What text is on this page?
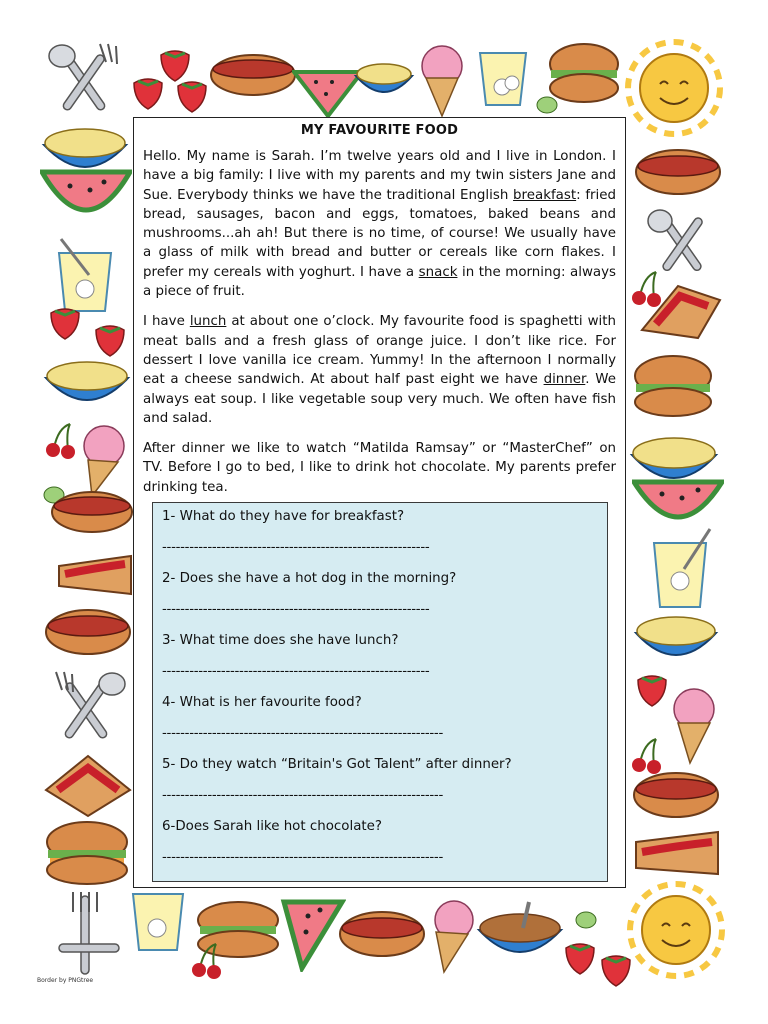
MY FAVOURITE FOOD

Hello. My name is Sarah. I’m twelve years old and I live in London. I have a big family: I live with my parents and my twin sisters Jane and Sue. Everybody thinks we have the traditional English breakfast: fried bread, sausages, bacon and eggs, tomatoes, baked beans and mushrooms...ah ah! But there is no time, of course! We usually have a glass of milk with bread and butter or cereals like corn flakes. I prefer my cereals with yoghurt. I have a snack in the morning: always a piece of fruit.

I have lunch at about one o’clock. My favourite food is spaghetti with meat balls and a fresh glass of orange juice. I don’t like rice. For dessert I love vanilla ice cream. Yummy! In the afternoon I normally eat a cheese sandwich. At about half past eight we have dinner. We always eat soup. I like vegetable soup very much. We often have fish and salad.

After dinner we like to watch “Matilda Ramsay” or “MasterChef” on TV. Before I go to bed, I like to drink hot chocolate. My parents prefer drinking tea.

1- What do they have for breakfast?
-----------------------------------------------------------
2- Does she have a hot dog in the morning?
-----------------------------------------------------------
3- What time does she have lunch?
-----------------------------------------------------------
4- What is her favourite food?
--------------------------------------------------------------
5- Do they watch “Britain's Got Talent” after dinner?
--------------------------------------------------------------
6-Does Sarah like hot chocolate?
--------------------------------------------------------------
Border by PNGtree
